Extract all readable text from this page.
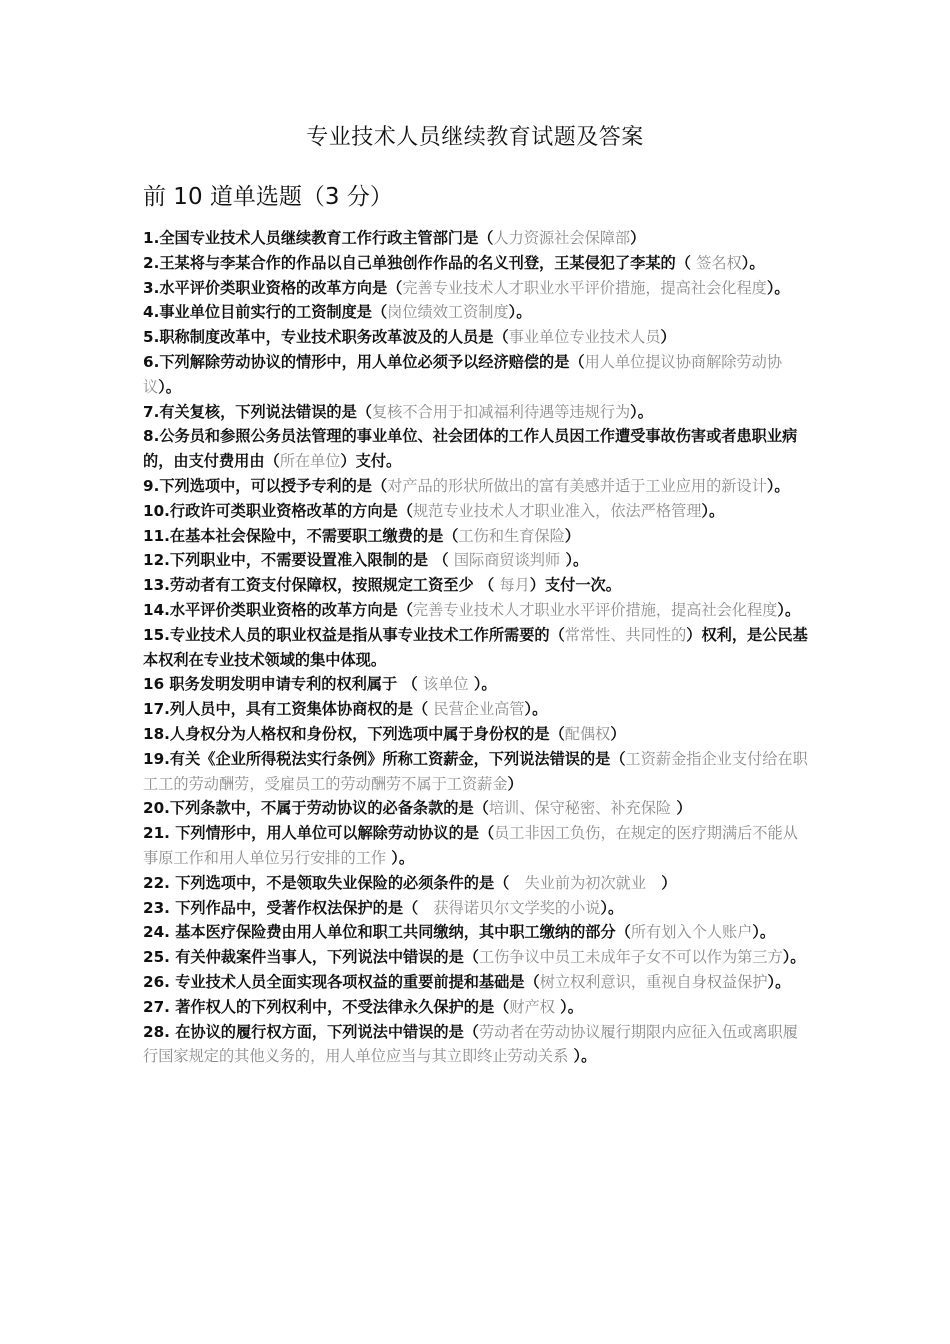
专业技术人员继续教育试题及答案
前 10 道单选题（3 分）
1.全国专业技术人员继续教育工作行政主管部门是（人力资源社会保障部）
2.王某将与李某合作的作品以自己单独创作作品的名义刊登，王某侵犯了李某的（ 签名权）。
3.水平评价类职业资格的改革方向是（完善专业技术人才职业水平评价措施，提高社会化程度）。
4.事业单位目前实行的工资制度是（岗位绩效工资制度）。
5.职称制度改革中，专业技术职务改革波及的人员是（事业单位专业技术人员）
6.下列解除劳动协议的情形中，用人单位必须予以经济赔偿的是（用人单位提议协商解除劳动协议）。
7.有关复核，下列说法错误的是（复核不合用于扣减福利待遇等违规行为）。
8.公务员和参照公务员法管理的事业单位、社会团体的工作人员因工作遭受事故伤害或者患职业病的，由支付费用由（所在单位）支付。
9.下列选项中，可以授予专利的是（对产品的形状所做出的富有美感并适于工业应用的新设计）。
10.行政许可类职业资格改革的方向是（规范专业技术人才职业准入，依法严格管理）。
11.在基本社会保险中，不需要职工缴费的是（工伤和生育保险）
12.下列职业中，不需要设置准入限制的是 （ 国际商贸谈判师 ）。
13.劳动者有工资支付保障权，按照规定工资至少 （ 每月）支付一次。
14.水平评价类职业资格的改革方向是（完善专业技术人才职业水平评价措施，提高社会化程度）。
15.专业技术人员的职业权益是指从事专业技术工作所需要的（常常性、共同性的）权利，是公民基本权利在专业技术领域的集中体现。
16 职务发明发明申请专利的权利属于 （ 该单位 ）。
17.列人员中，具有工资集体协商权的是（ 民营企业高管）。
18.人身权分为人格权和身份权，下列选项中属于身份权的是（配偶权）
19.有关《企业所得税法实行条例》所称工资薪金，下列说法错误的是（工资薪金指企业支付给在职工工的劳动酬劳，受雇员工的劳动酬劳不属于工资薪金）
20.下列条款中，不属于劳动协议的必备条款的是（培训、保守秘密、补充保险 ）
21. 下列情形中，用人单位可以解除劳动协议的是（员工非因工负伤，在规定的医疗期满后不能从事原工作和用人单位另行安排的工作 ）。
22. 下列选项中，不是领取失业保险的必须条件的是（　失业前为初次就业　）
23. 下列作品中，受著作权法保护的是（　获得诺贝尔文学奖的小说）。
24. 基本医疗保险费由用人单位和职工共同缴纳，其中职工缴纳的部分（所有划入个人账户）。
25. 有关仲裁案件当事人，下列说法中错误的是（工伤争议中员工未成年子女不可以作为第三方）。
26. 专业技术人员全面实现各项权益的重要前提和基础是（树立权利意识，重视自身权益保护）。
27. 著作权人的下列权利中，不受法律永久保护的是（财产权 ）。
28. 在协议的履行权方面，下列说法中错误的是（劳动者在劳动协议履行期限内应征入伍或离职履行国家规定的其他义务的，用人单位应当与其立即终止劳动关系 ）。
